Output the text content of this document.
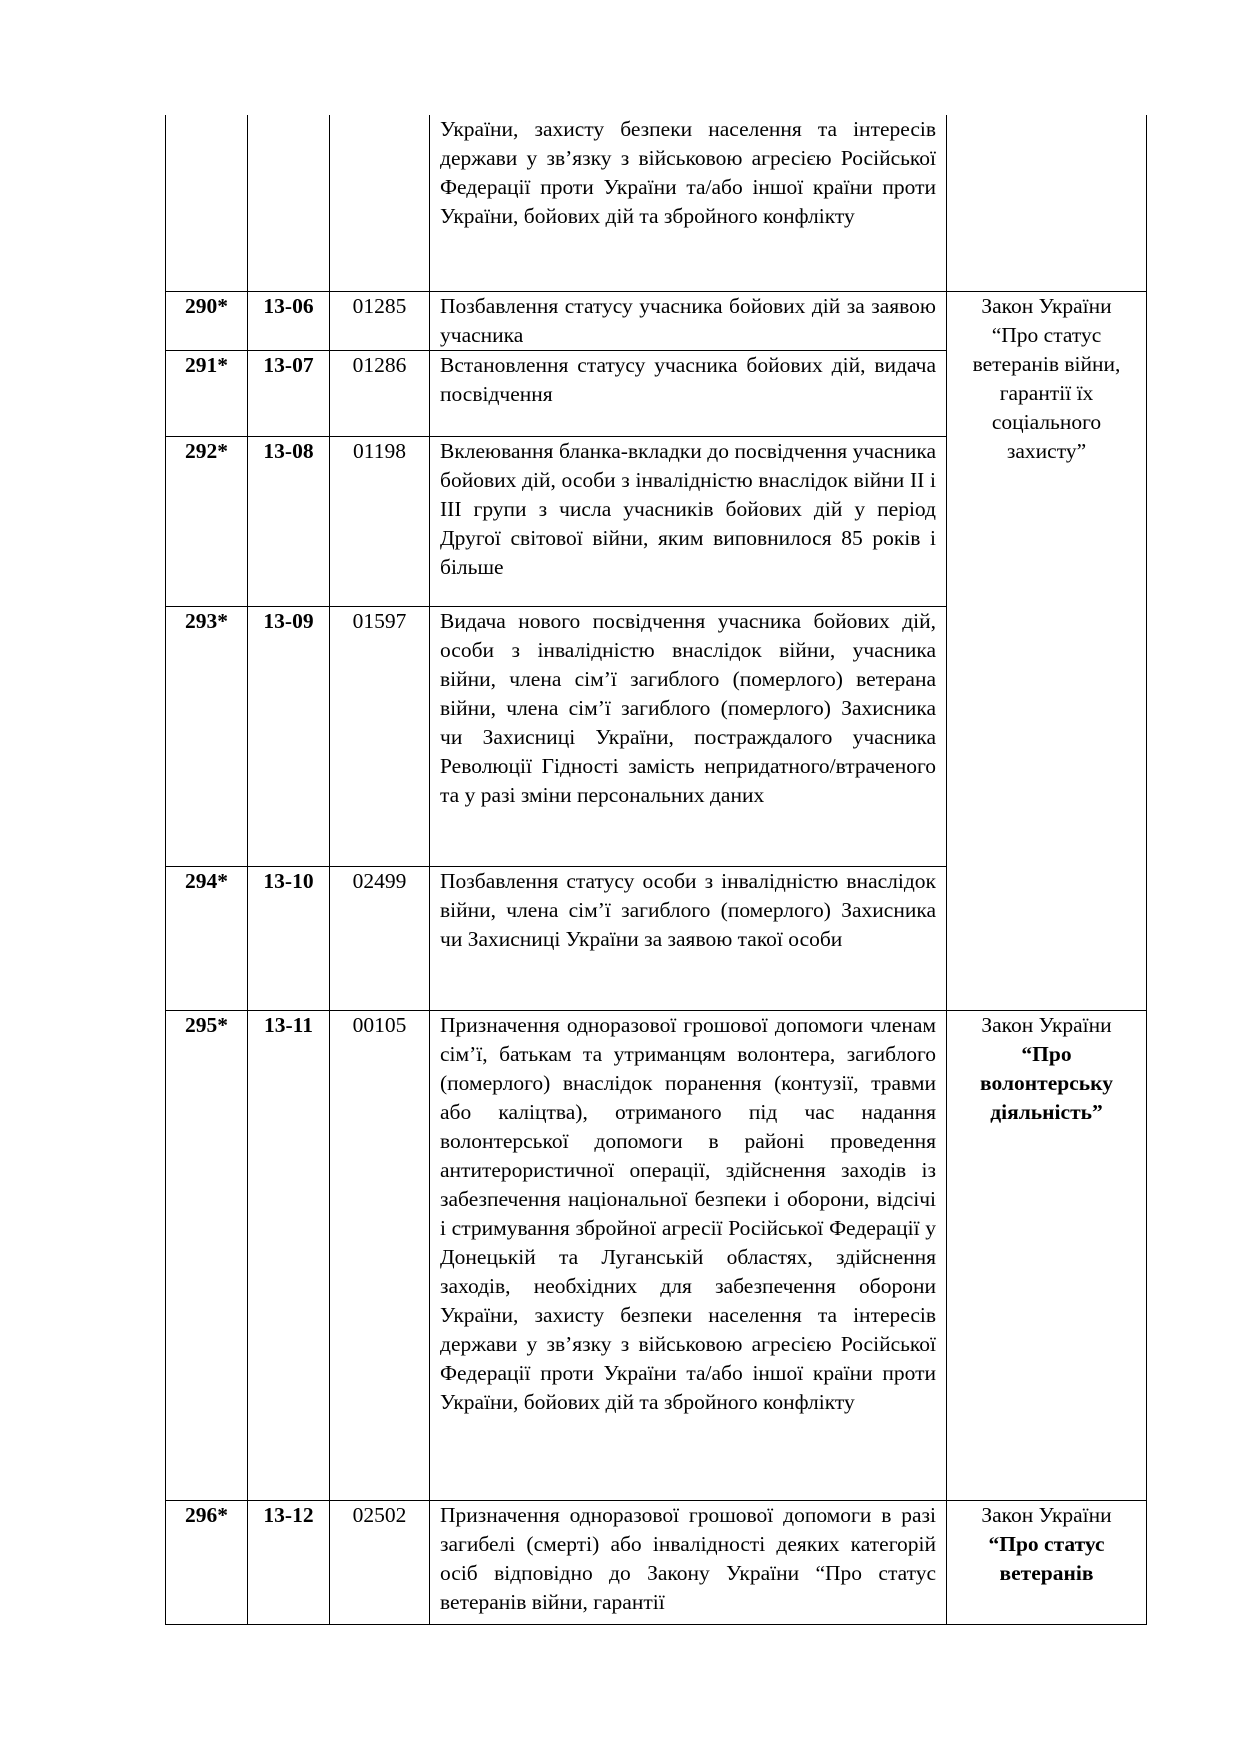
			України, захисту безпеки населення та інтересів держави у зв’язку з військовою агресією Російської Федерації проти України та/або іншої країни проти України, бойових дій та збройного конфлікту	
290*	13-06	01285	Позбавлення статусу учасника бойових дій за заявою учасника	Закон України “Про статус ветеранів війни, гарантії їх соціального захисту”
291*	13-07	01286	Встановлення статусу учасника бойових дій, видача посвідчення	
292*	13-08	01198	Вклеювання бланка-вкладки до посвідчення учасника бойових дій, особи з інвалідністю внаслідок війни II і III групи з числа учасників бойових дій у період Другої світової війни, яким виповнилося 85 років і більше	
293*	13-09	01597	Видача нового посвідчення учасника бойових дій, особи з інвалідністю внаслідок війни, учасника війни, члена сім’ї загиблого (померлого) ветерана війни, члена сім’ї загиблого (померлого) Захисника чи Захисниці України, постраждалого учасника Революції Гідності замість непридатного/втраченого та у разі зміни персональних даних	
294*	13-10	02499	Позбавлення статусу особи з інвалідністю внаслідок війни, члена сім’ї загиблого (померлого) Захисника чи Захисниці України за заявою такої особи	
295*	13-11	00105	Призначення одноразової грошової допомоги членам сім’ї, батькам та утриманцям волонтера, загиблого (померлого) внаслідок поранення (контузії, травми або каліцтва), отриманого під час надання волонтерської допомоги в районі проведення антитерористичної операції, здійснення заходів із забезпечення національної безпеки і оборони, відсічі і стримування збройної агресії Російської Федерації у Донецькій та Луганській областях, здійснення заходів, необхідних для забезпечення оборони України, захисту безпеки населення та інтересів держави у зв’язку з військовою агресією Російської Федерації проти України та/або іншої країни проти України, бойових дій та збройного конфлікту	Закон України
“Про волонтерську діяльність”

296*	13-12	02502	Призначення одноразової грошової допомоги в разі загибелі (смерті) або інвалідності деяких категорій осіб відповідно до Закону України “Про статус ветеранів війни, гарантії	Закон України
“Про статус ветеранів
